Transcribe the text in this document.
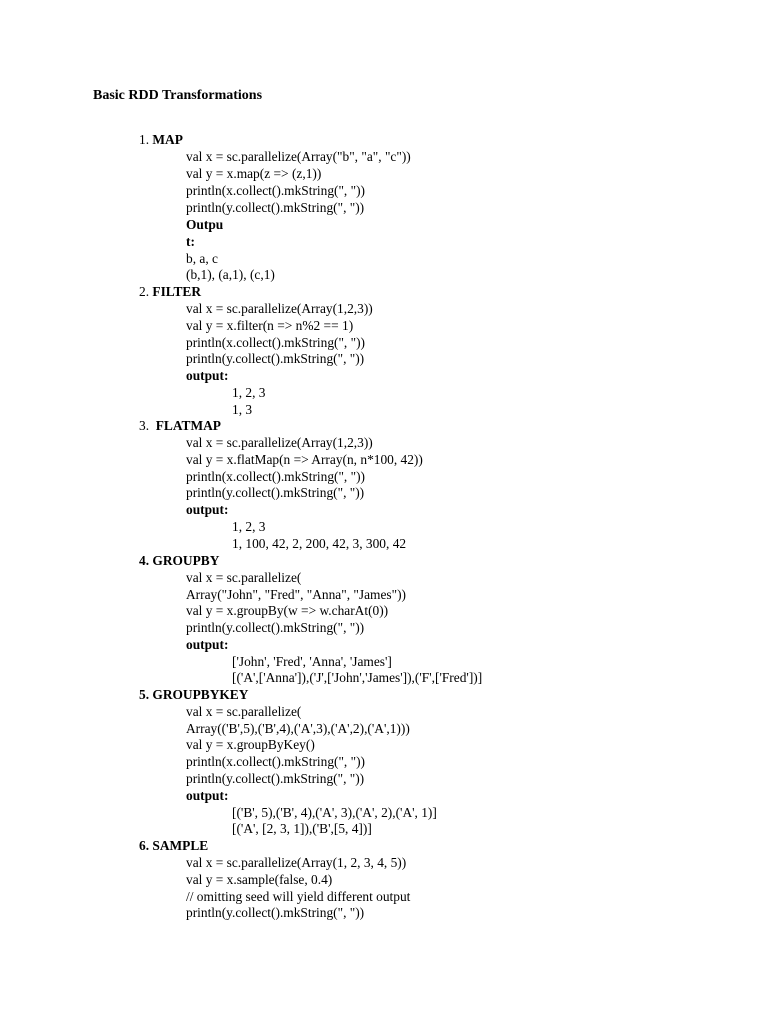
Basic RDD Transformations
1. MAP
val x = sc.parallelize(Array("b", "a", "c"))
val y = x.map(z => (z,1))
println(x.collect().mkString(", "))
println(y.collect().mkString(", "))
Outpu
t:
b, a, c
(b,1), (a,1), (c,1)
2. FILTER
val x = sc.parallelize(Array(1,2,3))
val y = x.filter(n => n%2 == 1)
println(x.collect().mkString(", "))
println(y.collect().mkString(", "))
output:
1, 2, 3
1, 3
3. FLATMAP
val x = sc.parallelize(Array(1,2,3))
val y = x.flatMap(n => Array(n, n*100, 42))
println(x.collect().mkString(", "))
println(y.collect().mkString(", "))
output:
1, 2, 3
1, 100, 42, 2, 200, 42, 3, 300, 42
4. GROUPBY
val x = sc.parallelize(
Array("John", "Fred", "Anna", "James"))
val y = x.groupBy(w => w.charAt(0))
println(y.collect().mkString(", "))
output:
['John', 'Fred', 'Anna', 'James']
[('A',['Anna']),('J',['John','James']),('F',['Fred'])]
5. GROUPBYKEY
val x = sc.parallelize(
Array(('B',5),('B',4),('A',3),('A',2),('A',1)))
val y = x.groupByKey()
println(x.collect().mkString(", "))
println(y.collect().mkString(", "))
output:
[('B', 5),('B', 4),('A', 3),('A', 2),('A', 1)]
[('A', [2, 3, 1]),('B',[5, 4])]
6. SAMPLE
val x = sc.parallelize(Array(1, 2, 3, 4, 5))
val y = x.sample(false, 0.4)
// omitting seed will yield different output
println(y.collect().mkString(", "))
